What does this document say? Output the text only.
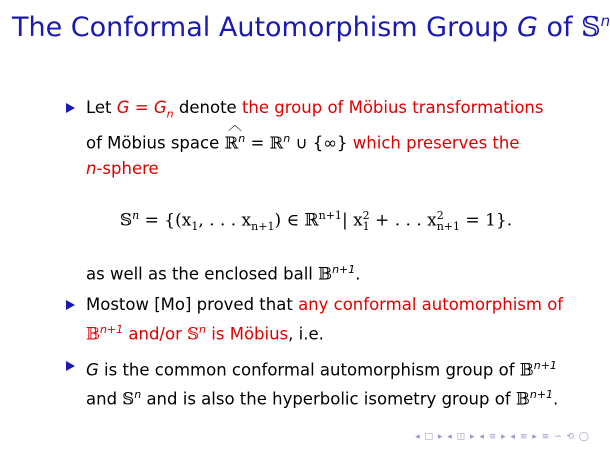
The Conformal Automorphism Group G of 𝕊$^n$
Let $G = G_n$ denote the group of Möbius transformations
of Möbius space
︿
ℝ$^n$ = ℝ$^n$ ∪ {∞} which preserves the
n-sphere
𝕊$^n$ = {($x_1$, . . . $x_{n+1}$) ∈ ℝ$^{n+1}$| $x^2_1$ + . . . $x^2_{n+1} = 1$}.
as well as the enclosed ball 𝔹$^{n+1}$.
Mostow [Mo] proved that any conformal automorphism of
𝔹$^{n+1}$ and/or 𝕊$^n$ is Möbius, i.e.
G is the common conformal automorphism group of 𝔹$^{n+1}$
and 𝕊$^n$ and is also the hyperbolic isometry group of 𝔹$^{n+1}$.
◂ □ ▸ ◂ ◫ ▸ ◂ ≡ ▸ ◂ ≡ ▸ ≡ ∽ ⟲ ◯
